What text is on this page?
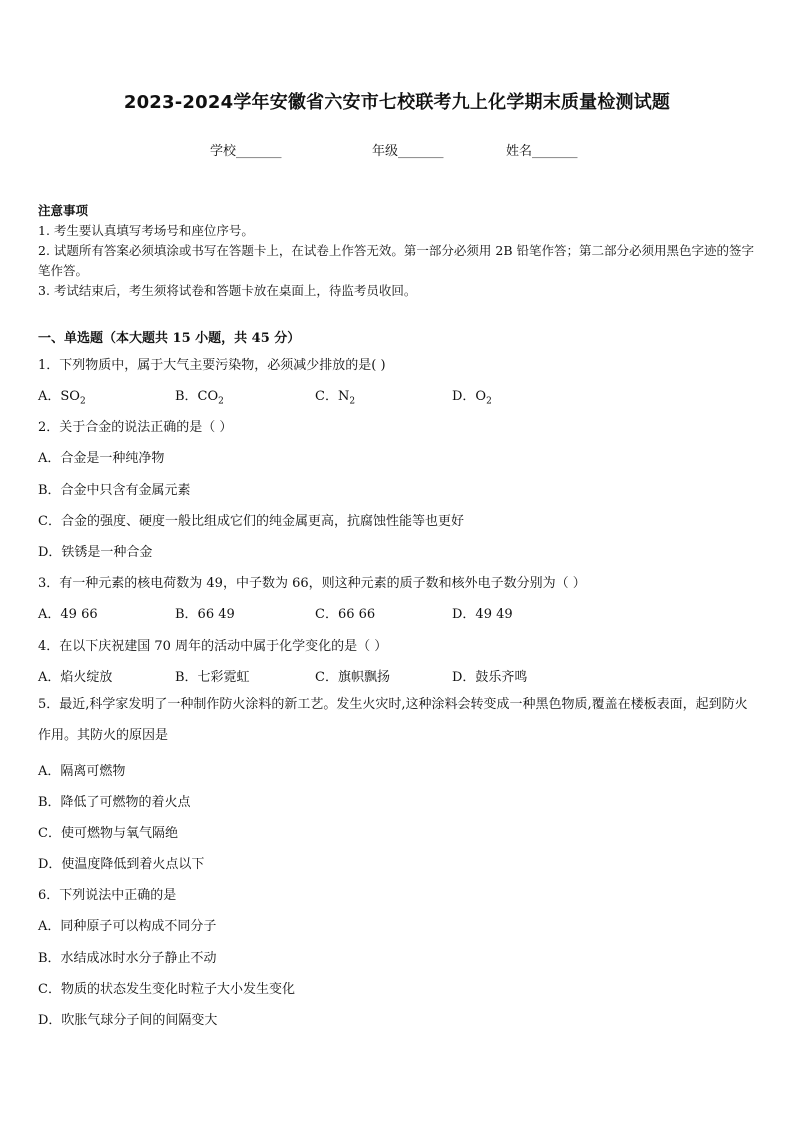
2023-2024学年安徽省六安市七校联考九上化学期末质量检测试题
学校_______	年级_______	姓名_______

注意事项

1. 考生要认真填写考场号和座位序号。

2. 试题所有答案必须填涂或书写在答题卡上，在试卷上作答无效。第一部分必须用 2B 铅笔作答；第二部分必须用黑色字迹的签字笔作答。

3. 考试结束后，考生须将试卷和答题卡放在桌面上，待监考员收回。

一、单选题（本大题共 15 小题，共 45 分）
1．下列物质中，属于大气主要污染物，必须减少排放的是( )
A．$SO_2$	B．$CO_2$	C．$N_2$	D．$O_2$
2．关于合金的说法正确的是（ ）
A．合金是一种纯净物
B．合金中只含有金属元素
C．合金的强度、硬度一般比组成它们的纯金属更高，抗腐蚀性能等也更好
D．铁锈是一种合金
3．有一种元素的核电荷数为 49，中子数为 66，则这种元素的质子数和核外电子数分别为（ ）
A．49 66	B．66 49	C．66 66	D．49 49
4．在以下庆祝建国 70 周年的活动中属于化学变化的是（ ）
A．焰火绽放	B．七彩霓虹	C．旗帜飘扬	D．鼓乐齐鸣
5．最近,科学家发明了一种制作防火涂料的新工艺。发生火灾时,这种涂料会转变成一种黑色物质,覆盖在楼板表面，起到防火作用。其防火的原因是
A．隔离可燃物
B．降低了可燃物的着火点
C．使可燃物与氧气隔绝
D．使温度降低到着火点以下
6．下列说法中正确的是
A．同种原子可以构成不同分子
B．水结成冰时水分子静止不动
C．物质的状态发生变化时粒子大小发生变化
D．吹胀气球分子间的间隔变大
